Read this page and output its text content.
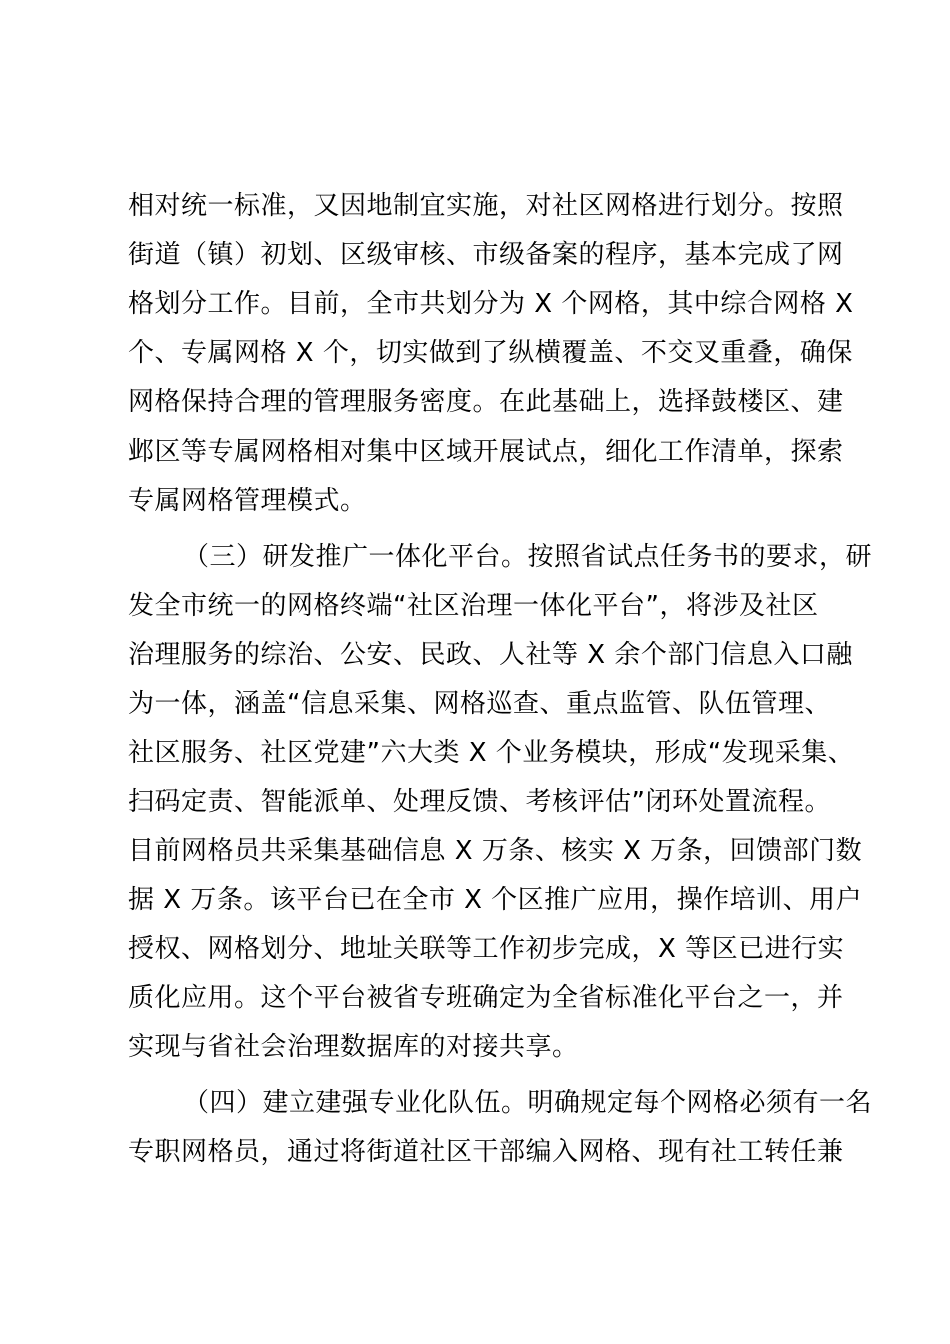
相对统一标准，又因地制宜实施，对社区网格进行划分。按照
街道（镇）初划、区级审核、市级备案的程序，基本完成了网
格划分工作。目前，全市共划分为 X 个网格，其中综合网格 X
个、专属网格 X 个，切实做到了纵横覆盖、不交叉重叠，确保
网格保持合理的管理服务密度。在此基础上，选择鼓楼区、建
邺区等专属网格相对集中区域开展试点，细化工作清单，探索
专属网格管理模式。
（三）研发推广一体化平台。按照省试点任务书的要求，研
发全市统一的网格终端“社区治理一体化平台”，将涉及社区
治理服务的综治、公安、民政、人社等 X 余个部门信息入口融
为一体，涵盖“信息采集、网格巡查、重点监管、队伍管理、
社区服务、社区党建”六大类 X 个业务模块，形成“发现采集、
扫码定责、智能派单、处理反馈、考核评估”闭环处置流程。
目前网格员共采集基础信息 X 万条、核实 X 万条，回馈部门数
据 X 万条。该平台已在全市 X 个区推广应用，操作培训、用户
授权、网格划分、地址关联等工作初步完成，X 等区已进行实
质化应用。这个平台被省专班确定为全省标准化平台之一，并
实现与省社会治理数据库的对接共享。
（四）建立建强专业化队伍。明确规定每个网格必须有一名
专职网格员，通过将街道社区干部编入网格、现有社工转任兼
